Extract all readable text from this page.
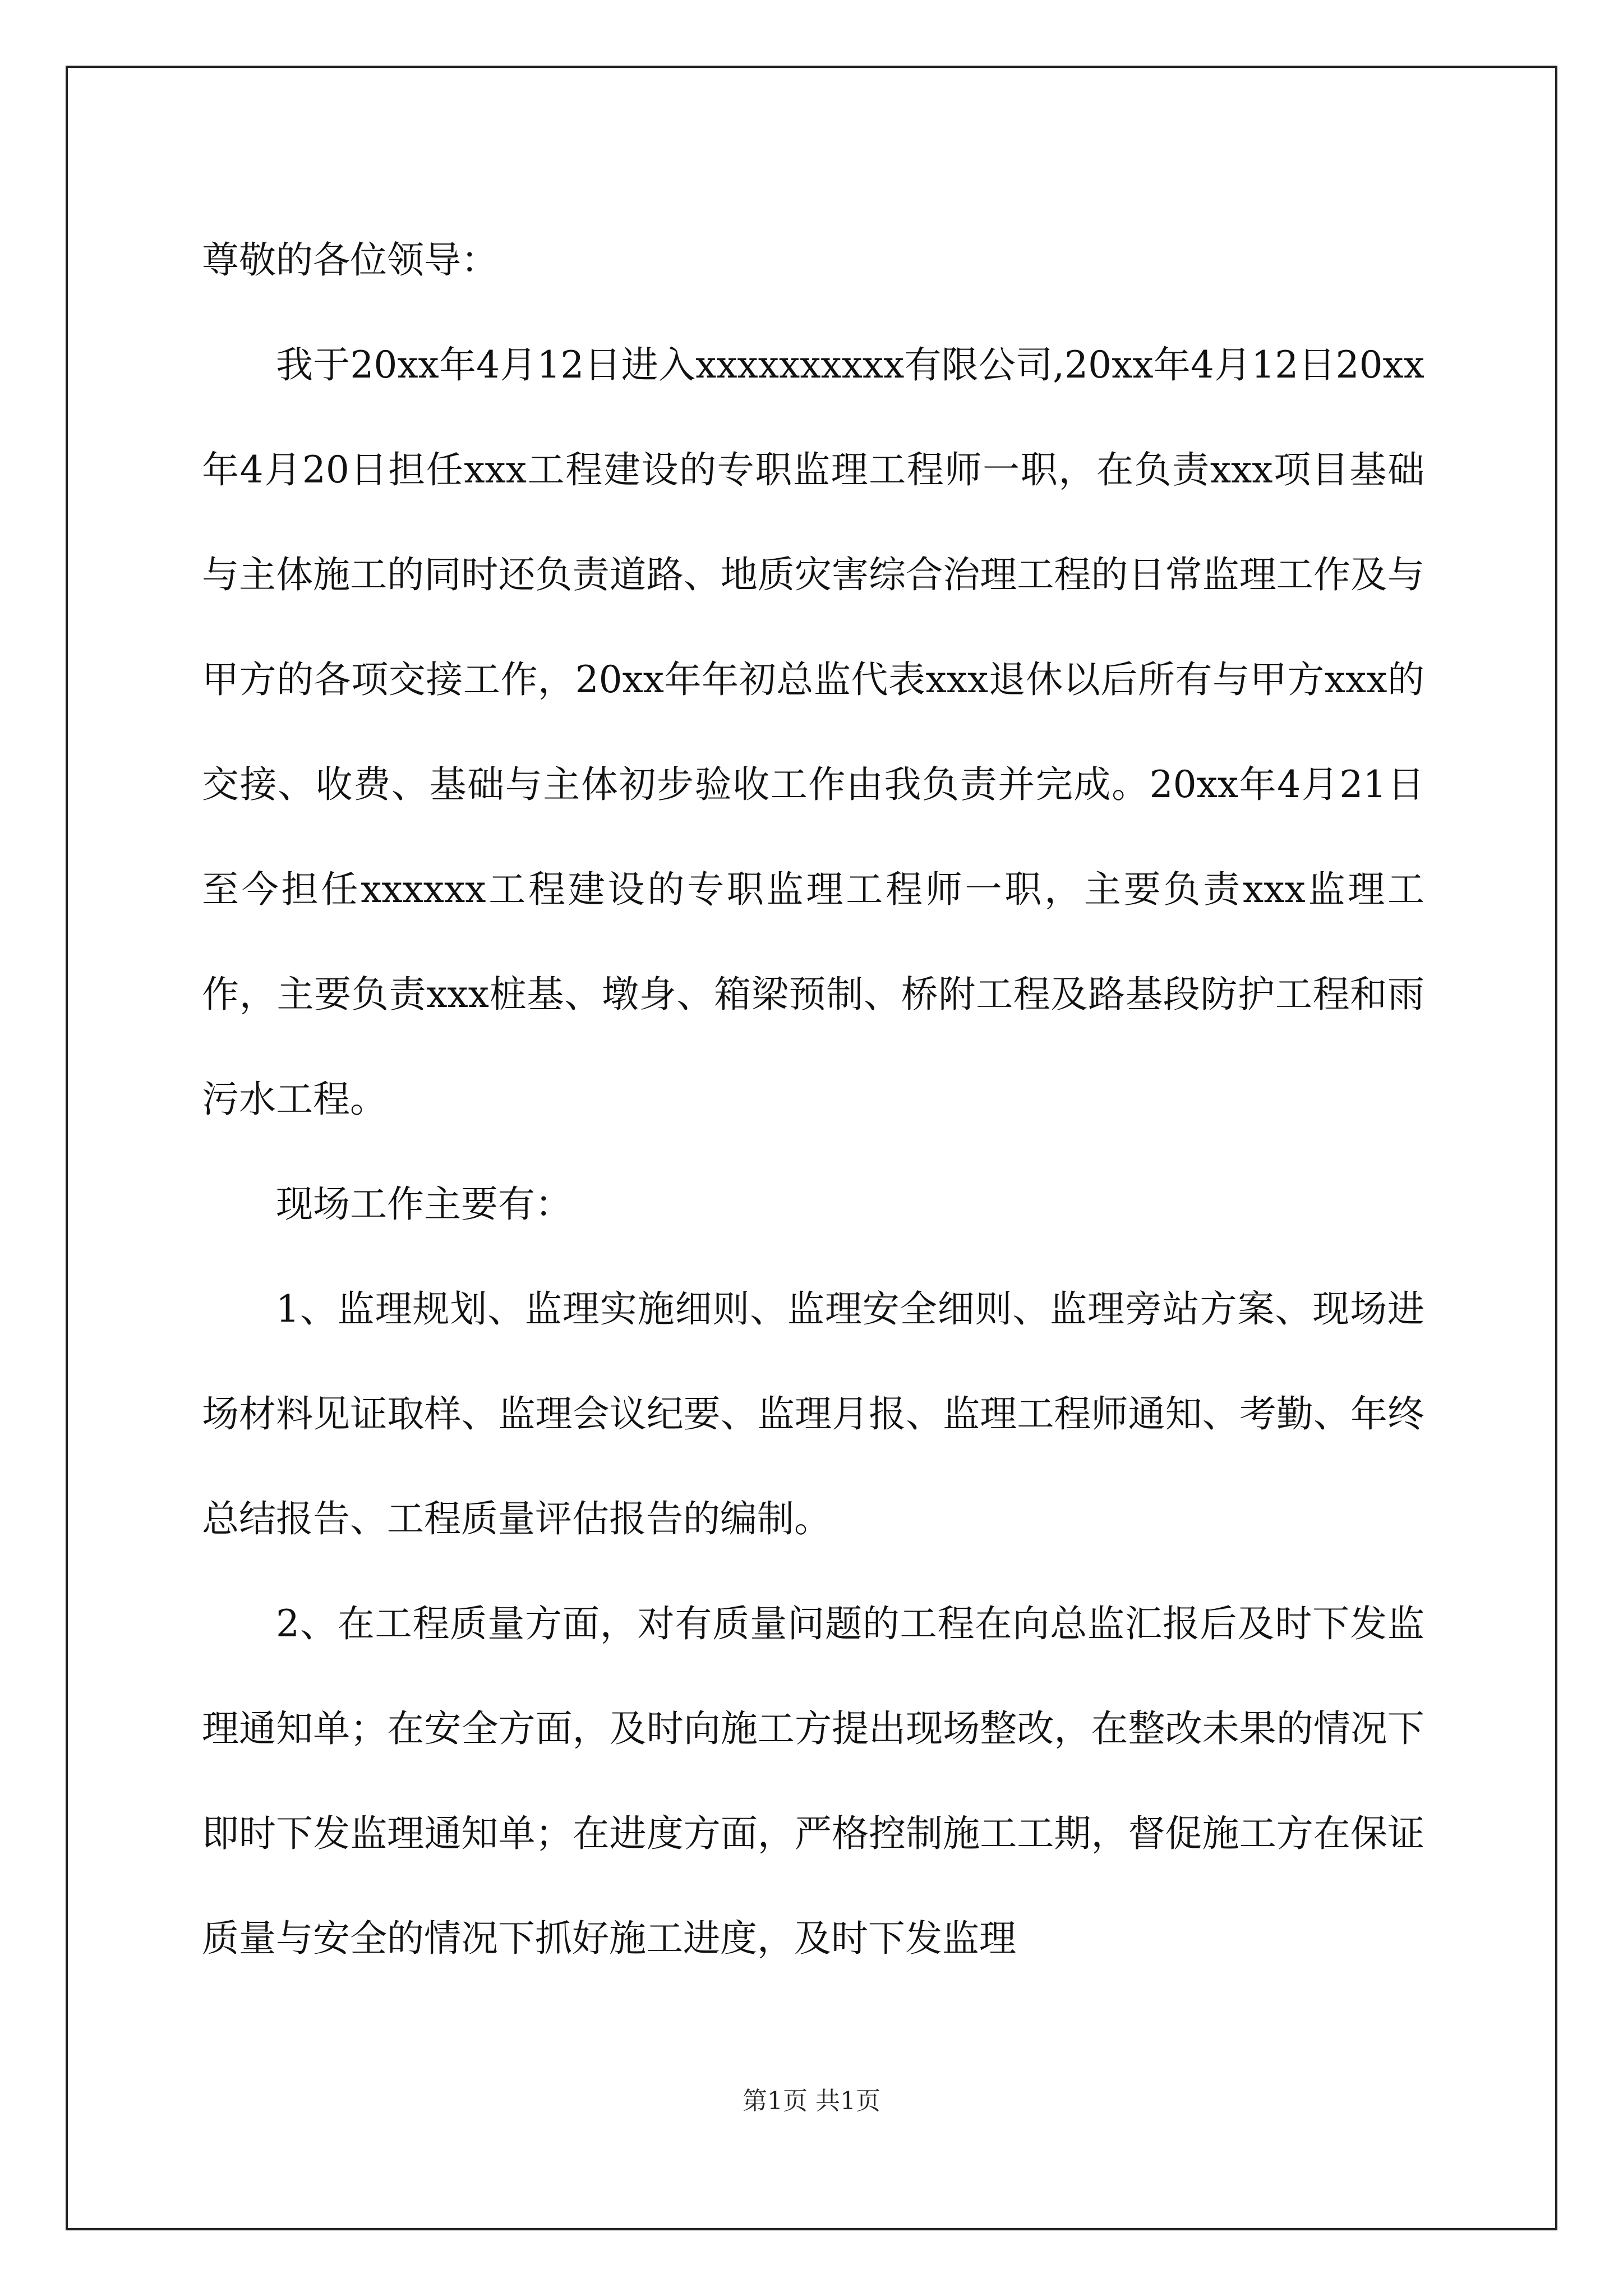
尊敬的各位领导：

我于20xx年4月12日进入xxxxxxxxxx有限公司,20xx年4月12日20xx年4月20日担任xxx工程建设的专职监理工程师一职，在负责xxx项目基础与主体施工的同时还负责道路、地质灾害综合治理工程的日常监理工作及与甲方的各项交接工作，20xx年年初总监代表xxx退休以后所有与甲方xxx的交接、收费、基础与主体初步验收工作由我负责并完成。20xx年4月21日至今担任xxxxxx工程建设的专职监理工程师一职，主要负责xxx监理工作，主要负责xxx桩基、墩身、箱梁预制、桥附工程及路基段防护工程和雨污水工程。

现场工作主要有：

1、监理规划、监理实施细则、监理安全细则、监理旁站方案、现场进场材料见证取样、监理会议纪要、监理月报、监理工程师通知、考勤、年终总结报告、工程质量评估报告的编制。

2、在工程质量方面，对有质量问题的工程在向总监汇报后及时下发监理通知单；在安全方面，及时向施工方提出现场整改，在整改未果的情况下即时下发监理通知单；在进度方面，严格控制施工工期，督促施工方在保证质量与安全的情况下抓好施工进度，及时下发监理

第1页 共1页
